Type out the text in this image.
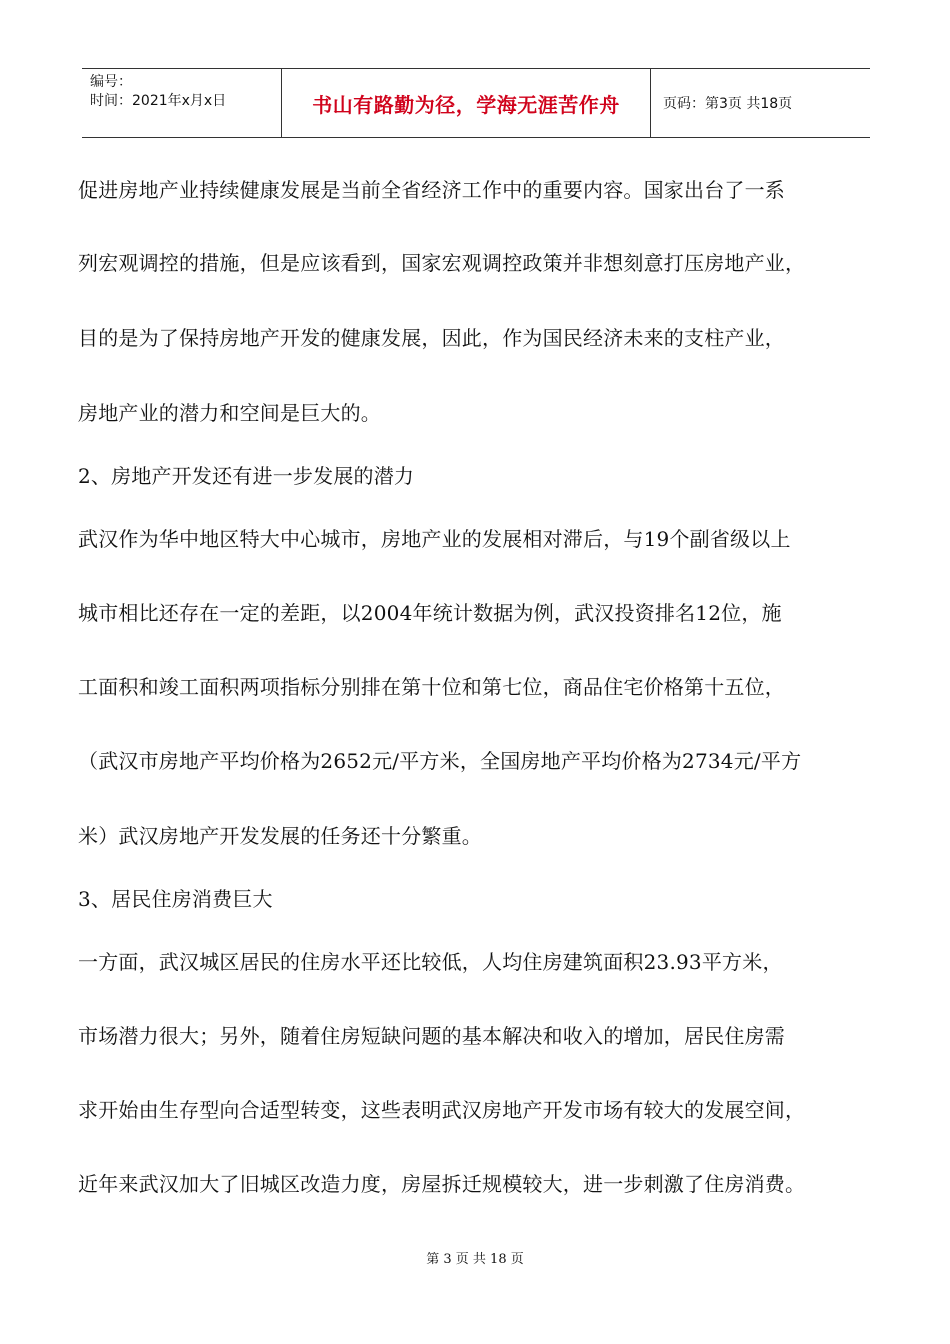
编号：
时间：2021年x月x日	书山有路勤为径，学海无涯苦作舟	页码：第3页 共18页
促进房地产业持续健康发展是当前全省经济工作中的重要内容。国家出台了一系
列宏观调控的措施，但是应该看到，国家宏观调控政策并非想刻意打压房地产业，
目的是为了保持房地产开发的健康发展，因此，作为国民经济未来的支柱产业，
房地产业的潜力和空间是巨大的。
2、房地产开发还有进一步发展的潜力
武汉作为华中地区特大中心城市，房地产业的发展相对滞后，与19个副省级以上
城市相比还存在一定的差距，以2004年统计数据为例，武汉投资排名12位，施
工面积和竣工面积两项指标分别排在第十位和第七位，商品住宅价格第十五位，
（武汉市房地产平均价格为2652元/平方米，全国房地产平均价格为2734元/平方
米）武汉房地产开发发展的任务还十分繁重。
3、居民住房消费巨大
一方面，武汉城区居民的住房水平还比较低，人均住房建筑面积23.93平方米，
市场潜力很大；另外，随着住房短缺问题的基本解决和收入的增加，居民住房需
求开始由生存型向合适型转变，这些表明武汉房地产开发市场有较大的发展空间，
近年来武汉加大了旧城区改造力度，房屋拆迁规模较大，进一步刺激了住房消费。
第 3 页 共 18 页
